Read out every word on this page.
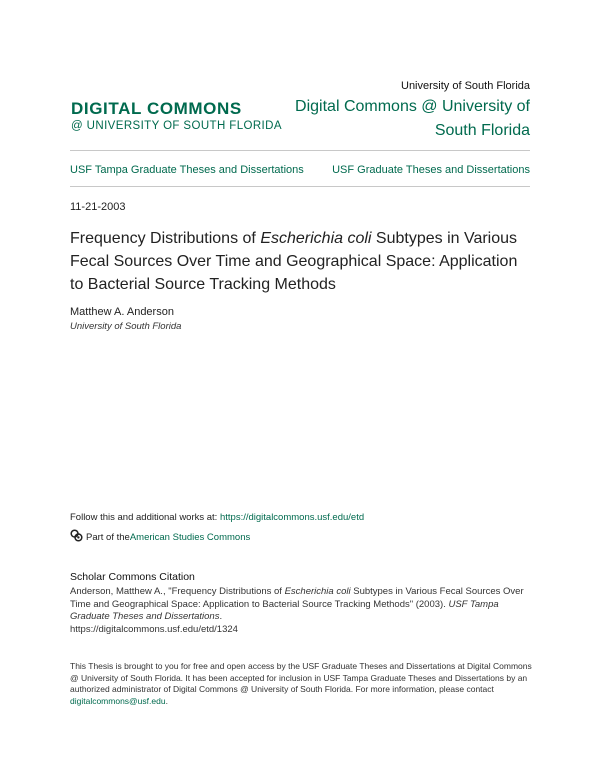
University of South Florida
DIGITAL COMMONS
@ UNIVERSITY OF SOUTH FLORIDA
Digital Commons @ University of South Florida
USF Tampa Graduate Theses and Dissertations	USF Graduate Theses and Dissertations
11-21-2003
Frequency Distributions of Escherichia coli Subtypes in Various Fecal Sources Over Time and Geographical Space: Application to Bacterial Source Tracking Methods
Matthew A. Anderson
University of South Florida
Follow this and additional works at: https://digitalcommons.usf.edu/etd
Part of the American Studies Commons
Scholar Commons Citation
Anderson, Matthew A., "Frequency Distributions of Escherichia coli Subtypes in Various Fecal Sources Over Time and Geographical Space: Application to Bacterial Source Tracking Methods" (2003). USF Tampa Graduate Theses and Dissertations.
https://digitalcommons.usf.edu/etd/1324
This Thesis is brought to you for free and open access by the USF Graduate Theses and Dissertations at Digital Commons @ University of South Florida. It has been accepted for inclusion in USF Tampa Graduate Theses and Dissertations by an authorized administrator of Digital Commons @ University of South Florida. For more information, please contact digitalcommons@usf.edu.
